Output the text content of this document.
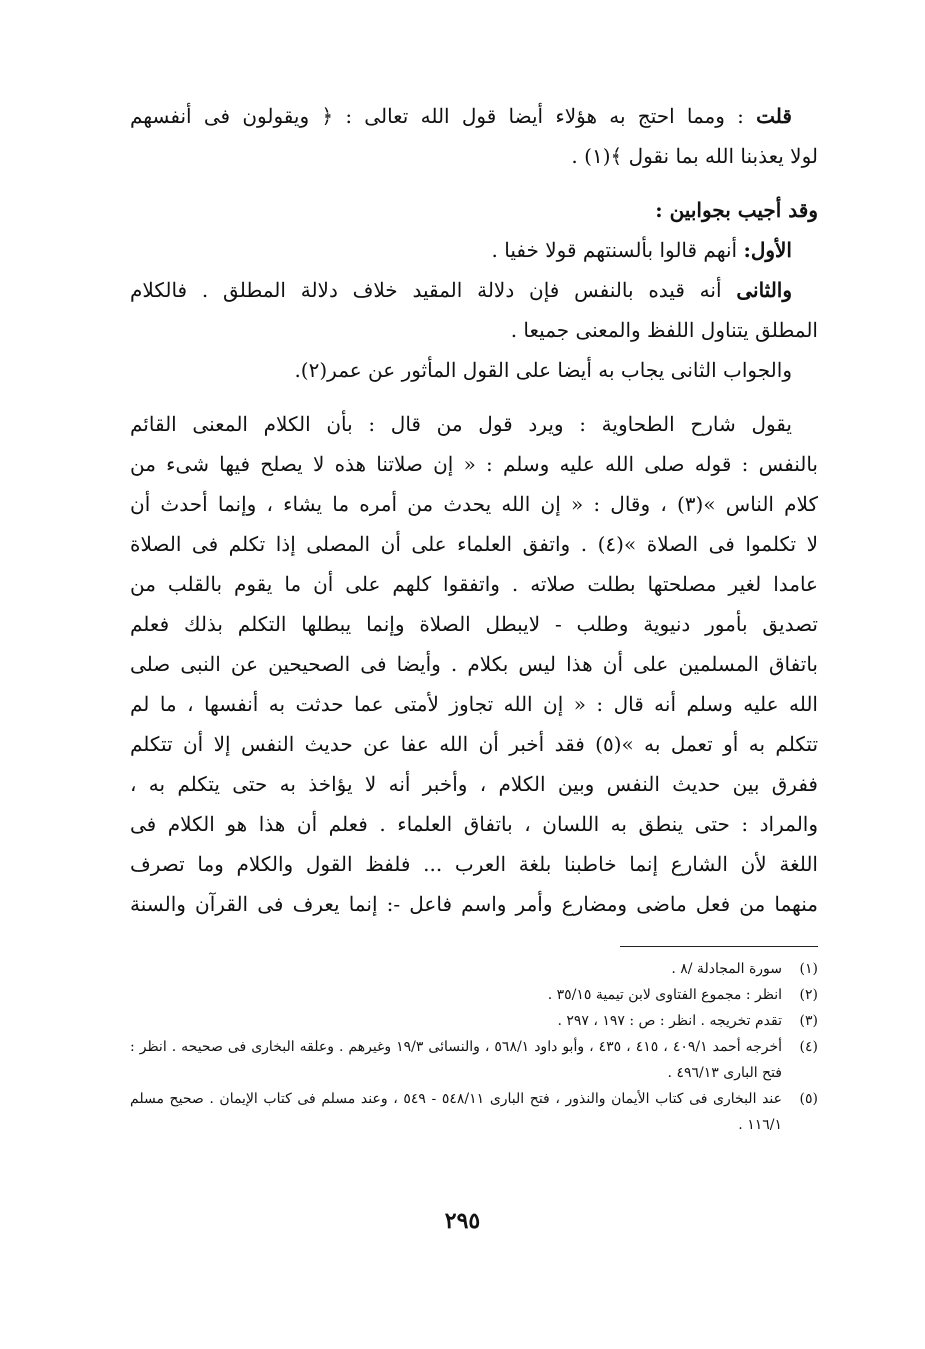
قلت : ومما احتج به هؤلاء أيضا قول الله تعالى : ﴿ ويقولون فى أنفسهم
لولا يعذبنا الله بما نقول ﴾(١) .
وقد أجيب بجوابين :
الأول: أنهم قالوا بألسنتهم قولا خفيا .
والثانى أنه قيده بالنفس فإن دلالة المقيد خلاف دلالة المطلق . فالكلام
المطلق يتناول اللفظ والمعنى جميعا .
والجواب الثانى يجاب به أيضا على القول المأثور عن عمر(٢).
يقول شارح الطحاوية : ويرد قول من قال : بأن الكلام المعنى القائم
بالنفس : قوله صلى الله عليه وسلم : « إن صلاتنا هذه لا يصلح فيها شىء من
كلام الناس »(٣) ، وقال : « إن الله يحدث من أمره ما يشاء ، وإنما أحدث أن
لا تكلموا فى الصلاة »(٤) . واتفق العلماء على أن المصلى إذا تكلم فى الصلاة
عامدا لغير مصلحتها بطلت صلاته . واتفقوا كلهم على أن ما يقوم بالقلب من
تصديق بأمور دنيوية وطلب - لايبطل الصلاة وإنما يبطلها التكلم بذلك فعلم
باتفاق المسلمين على أن هذا ليس بكلام . وأيضا فى الصحيحين عن النبى صلى
الله عليه وسلم أنه قال : « إن الله تجاوز لأمتى عما حدثت به أنفسها ، ما لم
تتكلم به أو تعمل به »(٥) فقد أخبر أن الله عفا عن حديث النفس إلا أن تتكلم
ففرق بين حديث النفس وبين الكلام ، وأخبر أنه لا يؤاخذ به حتى يتكلم به ،
والمراد : حتى ينطق به اللسان ، باتفاق العلماء . فعلم أن هذا هو الكلام فى
اللغة لأن الشارع إنما خاطبنا بلغة العرب ... فلفظ القول والكلام وما تصرف
منهما من فعل ماضى ومضارع وأمر واسم فاعل -: إنما يعرف فى القرآن والسنة
(١)
سورة المجادلة /٨ .
(٢)
انظر : مجموع الفتاوى لابن تيمية ٣٥/١٥ .
(٣)
تقدم تخريجه . انظر : ص : ١٩٧ ، ٢٩٧ .
(٤)
أخرجه أحمد ٤٠٩/١ ، ٤١٥ ، ٤٣٥ ، وأبو داود ٥٦٨/١ ، والنسائى ١٩/٣ وغيرهم . وعلقه البخارى فى صحيحه . انظر : فتح البارى ٤٩٦/١٣ .
(٥)
عند البخارى فى كتاب الأيمان والنذور ، فتح البارى ٥٤٨/١١ - ٥٤٩ ، وعند مسلم فى كتاب الإيمان . صحيح مسلم ١١٦/١ .
٢٩٥
